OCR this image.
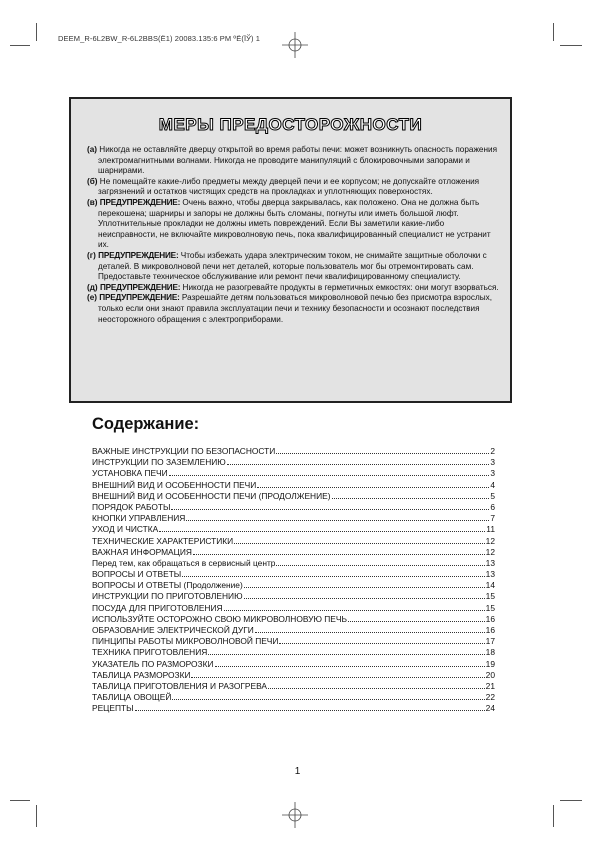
DEEM_R-6L2BW_R-6L2BBS(Ё1) 20083.135:6 PM ºЁ(ЇЎ) 1
МЕРЫ ПРЕДОСТОРОЖНОСТИ
(а) Никогда не оставляйте дверцу открытой во время работы печи: может возникнуть опасность поражения электромагнитными волнами. Никогда не проводите манипуляций с блокировочными запорами и шарнирами.
(б) Не помещайте какие-либо предметы между дверцей печи и ее корпусом; не допускайте отложения загрязнений и остатков чистящих средств на прокладках и уплотняющих поверхностях.
(в) ПРЕДУПРЕЖДЕНИЕ: Очень важно, чтобы дверца закрывалась, как положено. Она не должна быть перекошена; шарниры и запоры не должны быть сломаны, погнуты или иметь большой люфт. Уплотнительные прокладки не должны иметь повреждений. Если Вы заметили какие-либо неисправности, не включайте микроволновую печь, пока квалифицированный специалист не устранит их.
(г) ПРЕДУПРЕЖДЕНИЕ: Чтобы избежать удара электрическим током, не снимайте защитные оболочки с деталей. В микроволновой печи нет деталей, которые пользователь мог бы отремонтировать сам. Предоставьте техническое обслуживание или ремонт печи квалифицированному специалисту.
(д) ПРЕДУПРЕЖДЕНИЕ: Никогда не разогревайте продукты в герметичных емкостях: они могут взорваться.
(е) ПРЕДУПРЕЖДЕНИЕ: Разрешайте детям пользоваться микроволновой печью без присмотра взрослых, только если они знают правила эксплуатации печи и технику безопасности и осознают последствия неосторожного обращения с электроприборами.
Содержание:
ВАЖНЫЕ ИНСТРУКЦИИ ПО БЕЗОПАСНОСТИ	2
ИНСТРУКЦИИ ПО ЗАЗЕМЛЕНИЮ	3
УСТАНОВКА ПЕЧИ	3
ВНЕШНИЙ ВИД И ОСОБЕННОСТИ ПЕЧИ	4
ВНЕШНИЙ ВИД И ОСОБЕННОСТИ ПЕЧИ (ПРОДОЛЖЕНИЕ)	5
ПОРЯДОК РАБОТЫ	6
КНОПКИ УПРАВЛЕНИЯ	7
УХОД И ЧИСТКА	11
ТЕХНИЧЕСКИЕ ХАРАКТЕРИСТИКИ	12
ВАЖНАЯ ИНФОРМАЦИЯ	12
Перед тем, как обращаться в сервисный центр	13
ВОПРОСЫ И ОТВЕТЫ	13
ВОПРОСЫ И ОТВЕТЫ (Продолжение)	14
ИНСТРУКЦИИ ПО ПРИГОТОВЛЕНИЮ	15
ПОСУДА ДЛЯ ПРИГОТОВЛЕНИЯ	15
ИСПОЛЬЗУЙТЕ ОСТОРОЖНО СВОЮ МИКРОВОЛНОВУЮ ПЕЧЬ	16
ОБРАЗОВАНИЕ ЭЛЕКТРИЧЕСКОЙ ДУГИ	16
ПИНЦИПЫ РАБОТЫ МИКРОВОЛНОВОЙ ПЕЧИ	17
ТЕХНИКА ПРИГОТОВЛЕНИЯ	18
УКАЗАТЕЛЬ ПО РАЗМОРОЗКИ	19
ТАБЛИЦА РАЗМОРОЗКИ	20
ТАБЛИЦА ПРИГОТОВЛЕНИЯ И РАЗОГРЕВА	21
ТАБЛИЦА ОВОЩЕЙ	22
РЕЦЕПТЫ	24
1
